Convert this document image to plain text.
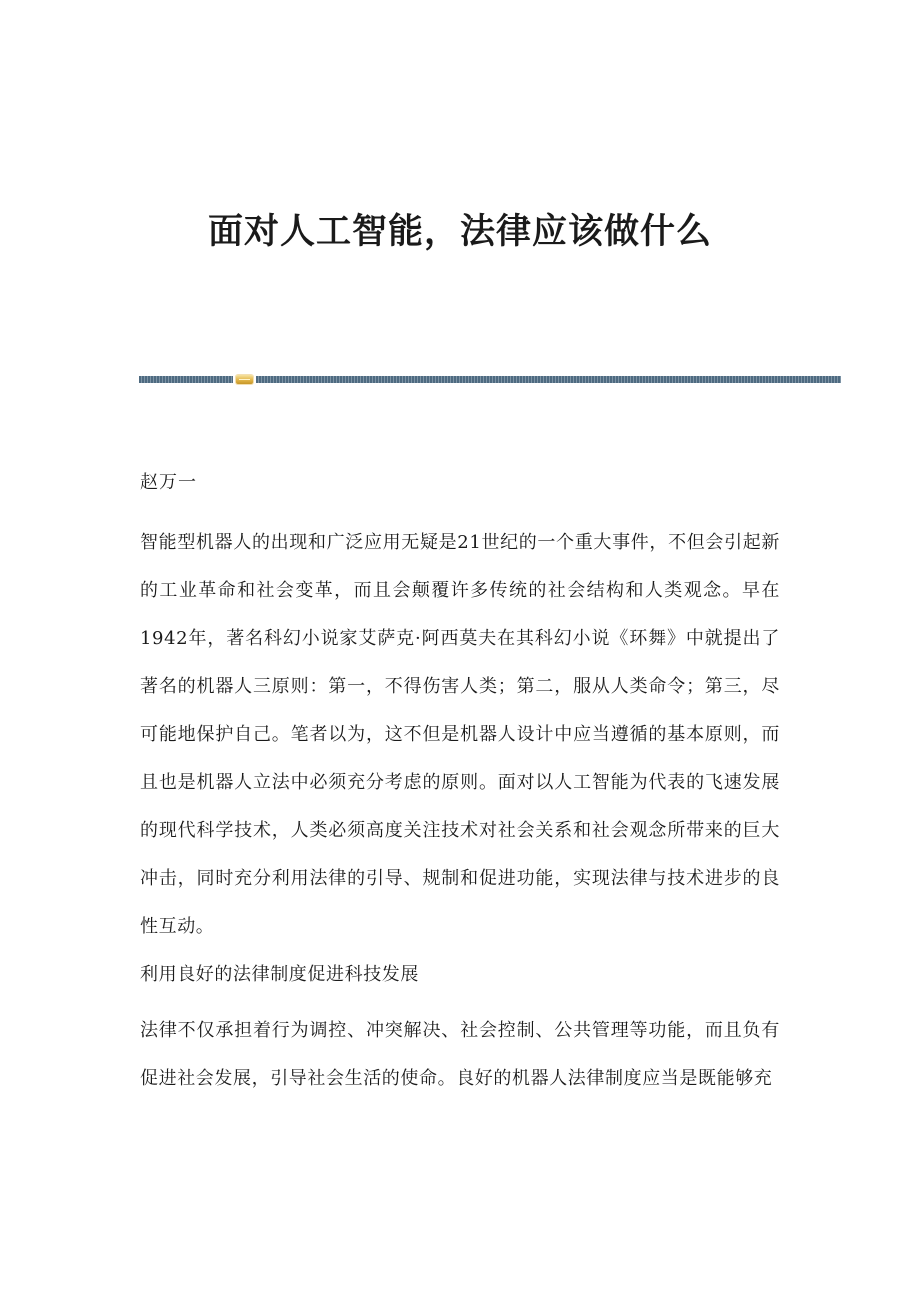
面对人工智能，法律应该做什么

赵万一

智能型机器人的出现和广泛应用无疑是21世纪的一个重大事件，不但会引起新的工业革命和社会变革，而且会颠覆许多传统的社会结构和人类观念。早在1942年，著名科幻小说家艾萨克·阿西莫夫在其科幻小说《环舞》中就提出了著名的机器人三原则：第一，不得伤害人类；第二，服从人类命令；第三，尽可能地保护自己。笔者以为，这不但是机器人设计中应当遵循的基本原则，而且也是机器人立法中必须充分考虑的原则。面对以人工智能为代表的飞速发展的现代科学技术，人类必须高度关注技术对社会关系和社会观念所带来的巨大冲击，同时充分利用法律的引导、规制和促进功能，实现法律与技术进步的良性互动。

利用良好的法律制度促进科技发展

法律不仅承担着行为调控、冲突解决、社会控制、公共管理等功能，而且负有促进社会发展，引导社会生活的使命。良好的机器人法律制度应当是既能够充
